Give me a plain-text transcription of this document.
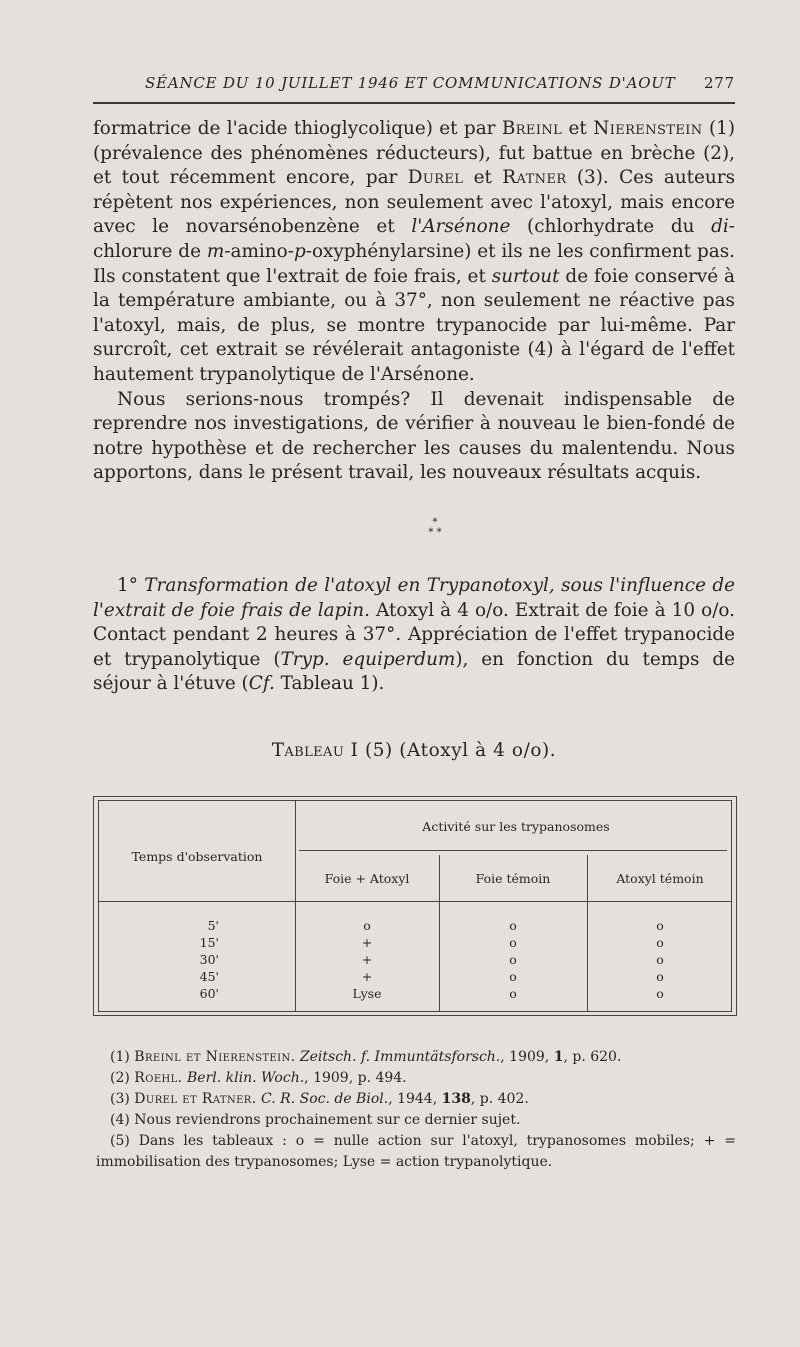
SÉANCE DU 10 JUILLET 1946 ET COMMUNICATIONS D'AOUT 277

formatrice de l'acide thioglycolique) et par Breinl et Nierenstein (1) (prévalence des phénomènes réducteurs), fut battue en brèche (2), et tout récemment encore, par Durel et Ratner (3). Ces auteurs répètent nos expériences, non seulement avec l'atoxyl, mais encore avec le novarsénobenzène et l'Arsénone (chlorhydrate du di-chlorure de m-amino-p-oxyphénylarsine) et ils ne les confirment pas. Ils constatent que l'extrait de foie frais, et surtout de foie conservé à la température ambiante, ou à 37°, non seulement ne réactive pas l'atoxyl, mais, de plus, se montre trypanocide par lui-même. Par surcroît, cet extrait se révélerait antagoniste (4) à l'égard de l'effet hautement trypanolytique de l'Arsénone.

Nous serions-nous trompés? Il devenait indispensable de reprendre nos investigations, de vérifier à nouveau le bien-fondé de notre hypothèse et de rechercher les causes du malentendu. Nous apportons, dans le présent travail, les nouveaux résultats acquis.

*
* *

1° Transformation de l'atoxyl en Trypanotoxyl, sous l'influence de l'extrait de foie frais de lapin. Atoxyl à 4 o/o. Extrait de foie à 10 o/o. Contact pendant 2 heures à 37°. Appréciation de l'effet trypanocide et trypanolytique (Tryp. equiperdum), en fonction du temps de séjour à l'étuve (Cf. Tableau 1).

Tableau I (5) (Atoxyl à 4 o/o).
Temps d'observation
Activité sur les trypanosomes
Foie + Atoxyl	Foie témoin	Atoxyl témoin
5'
15'
30'
45'
60'
o
+
+
+
Lyse
o
o
o
o
o
o
o
o
o
o

(1) Breinl et Nierenstein. Zeitsch. f. Immuntätsforsch., 1909, 1, p. 620.

(2) Roehl. Berl. klin. Woch., 1909, p. 494.

(3) Durel et Ratner. C. R. Soc. de Biol., 1944, 138, p. 402.

(4) Nous reviendrons prochainement sur ce dernier sujet.

(5) Dans les tableaux : o = nulle action sur l'atoxyl, trypanosomes mobiles; + = immobilisation des trypanosomes; Lyse = action trypanolytique.
